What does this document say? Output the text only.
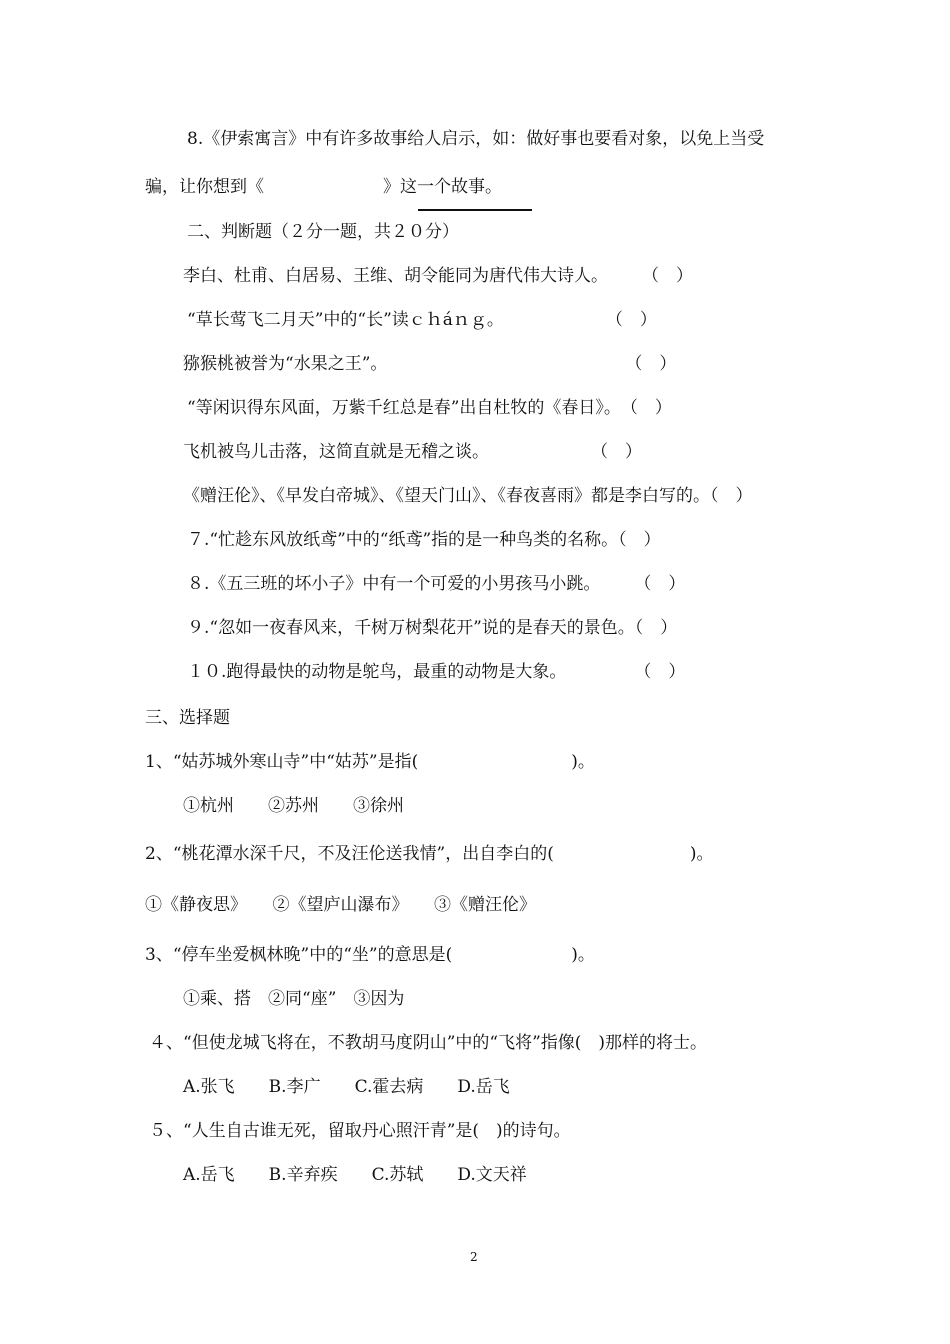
8.《伊索寓言》中有许多故事给人启示，如：做好事也要看对象，以免上当受
骗，让你想到《　　　　　　　》这一个故事。
二、判断题（２分一题，共２０分）
李白、杜甫、白居易、王维、胡令能同为唐代伟大诗人。　　　（　）
“草长莺飞二月天”中的“长”读ｃｈáｎｇ。　　　　　　　（　）
猕猴桃被誉为“水果之王”。　　　　　　　　　　　　　　　（　）
“等闲识得东风面，万紫千红总是春”出自杜牧的《春日》。　（　）
飞机被鸟儿击落，这简直就是无稽之谈。　　　　　　　（　）
《赠汪伦》、《早发白帝城》、《望天门山》、《春夜喜雨》都是李白写的。（　）
７.“忙趁东风放纸鸢”中的“纸鸢”指的是一种鸟类的名称。（　）
８.《五三班的坏小子》中有一个可爱的小男孩马小跳。　　　（　）
９.“忽如一夜春风来，千树万树梨花开”说的是春天的景色。（　）
１０.跑得最快的动物是鸵鸟，最重的动物是大象。　　　　　（　）
三、选择题
1、“姑苏城外寒山寺”中“姑苏”是指(　　　　　　　　　)。
①杭州　　②苏州　　③徐州
2、“桃花潭水深千尺，不及汪伦送我情”，出自李白的(　　　　　　　　)。
①《静夜思》　　②《望庐山瀑布》　　③《赠汪伦》
3、“停车坐爱枫林晚”中的“坐”的意思是(　　　　　　　)。
①乘、搭　②同“座”　③因为
４、“但使龙城飞将在，不教胡马度阴山”中的“飞将”指像(　)那样的将士。
A.张飞　　B.李广　　C.霍去病　　D.岳飞
５、“人生自古谁无死，留取丹心照汗青”是(　)的诗句。
A.岳飞　　B.辛弃疾　　C.苏轼　　D.文天祥
2
